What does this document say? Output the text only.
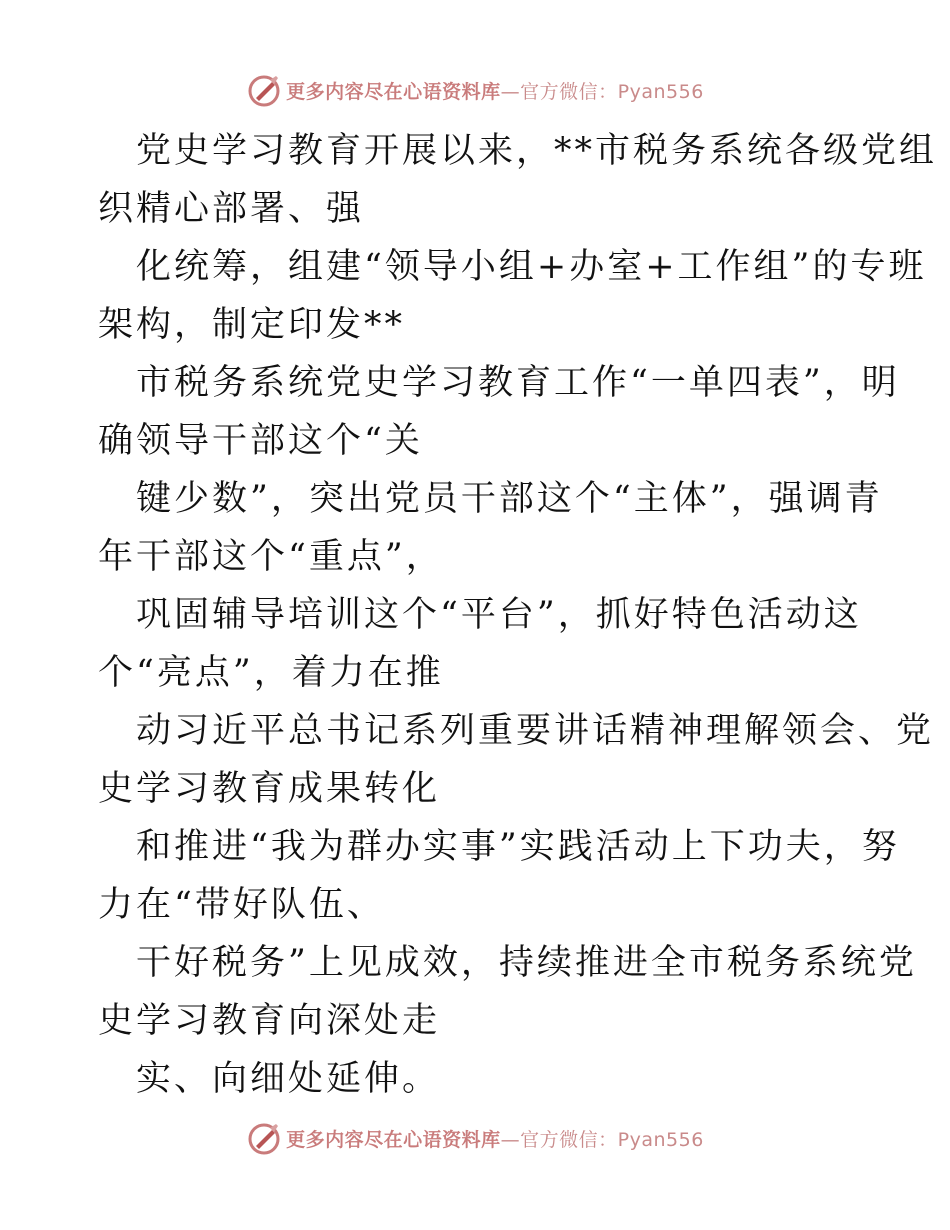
更多内容尽在心语资料库—官方微信：Pyan556
党史学习教育开展以来，**市税务系统各级党组
织精心部署、强
化统筹，组建“领导小组+办室+工作组”的专班
架构，制定印发**
市税务系统党史学习教育工作“一单四表”，明
确领导干部这个“关
键少数”，突出党员干部这个“主体”，强调青
年干部这个“重点”，
巩固辅导培训这个“平台”，抓好特色活动这
个“亮点”，着力在推
动习近平总书记系列重要讲话精神理解领会、党
史学习教育成果转化
和推进“我为群办实事”实践活动上下功夫，努
力在“带好队伍、
干好税务”上见成效，持续推进全市税务系统党
史学习教育向深处走
实、向细处延伸。
更多内容尽在心语资料库—官方微信：Pyan556
